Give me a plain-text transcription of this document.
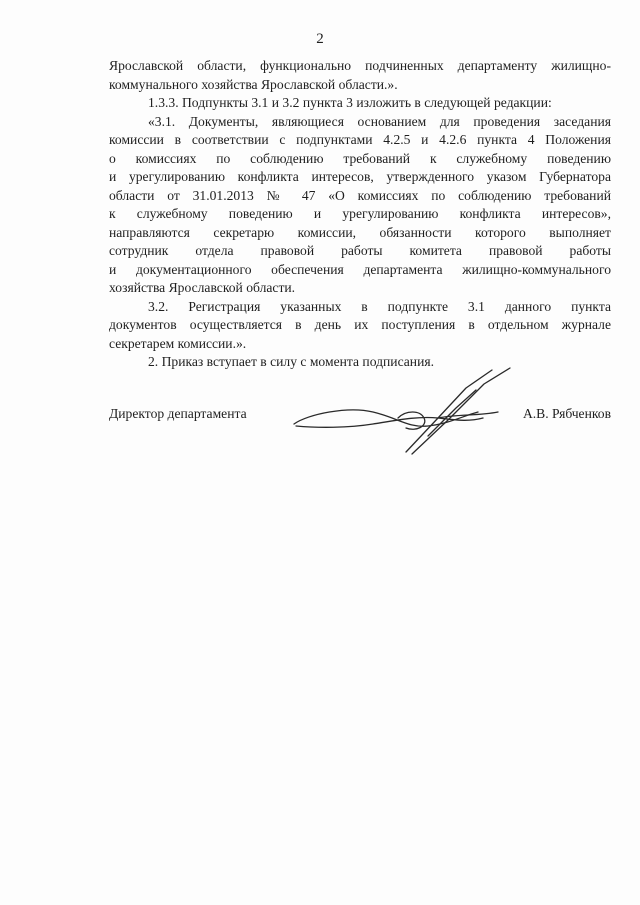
2
Ярославской области, функционально подчиненных департаменту жилищно-
коммунального хозяйства Ярославской области.».
1.3.3. Подпункты 3.1 и 3.2 пункта 3 изложить в следующей редакции:
«3.1. Документы, являющиеся основанием для проведения заседания
комиссии в соответствии с подпунктами 4.2.5 и 4.2.6 пункта 4 Положения
о комиссиях по соблюдению требований к служебному поведению
и урегулированию конфликта интересов, утвержденного указом Губернатора
области от 31.01.2013 № 47 «О комиссиях по соблюдению требований
к служебному поведению и урегулированию конфликта интересов»,
направляются секретарю комиссии, обязанности которого выполняет
сотрудник отдела правовой работы комитета правовой работы
и документационного обеспечения департамента жилищно-коммунального
хозяйства Ярославской области.
3.2. Регистрация указанных в подпункте 3.1 данного пункта
документов осуществляется в день их поступления в отдельном журнале
секретарем комиссии.».
2. Приказ вступает в силу с момента подписания.
Директор департамента	А.В. Рябченков
